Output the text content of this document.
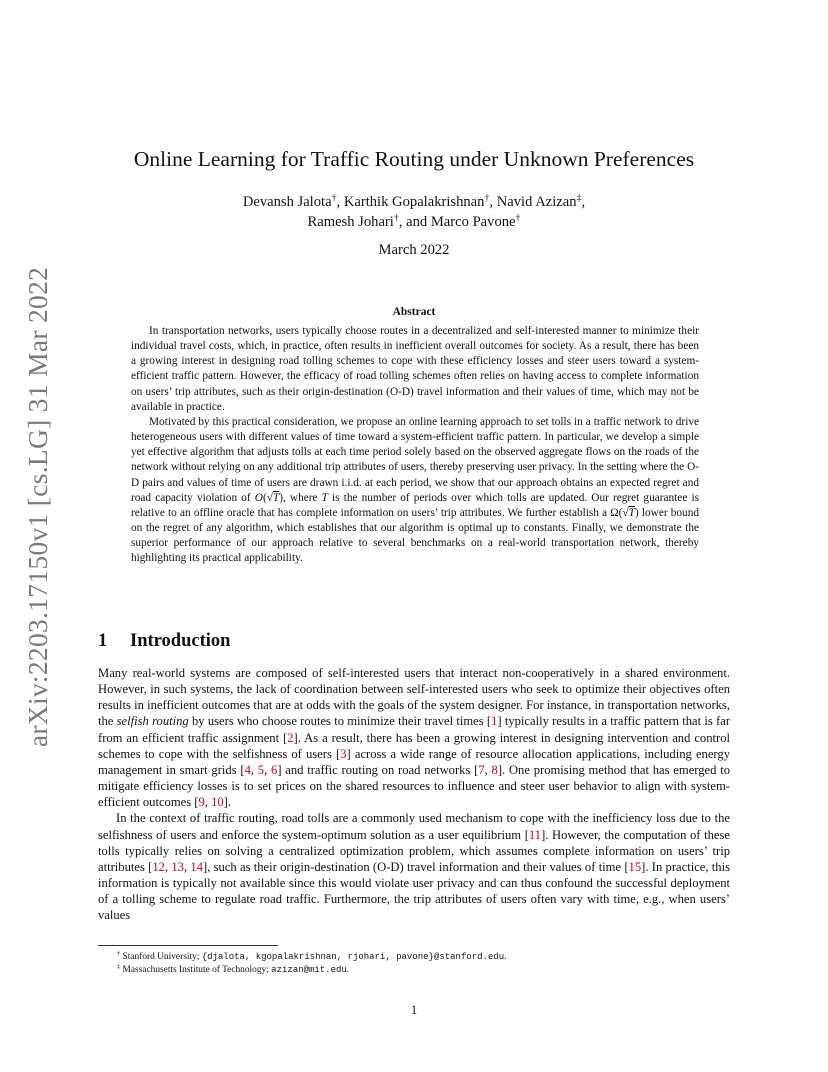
arXiv:2203.17150v1 [cs.LG] 31 Mar 2022
Online Learning for Traffic Routing under Unknown Preferences
Devansh Jalota†, Karthik Gopalakrishnan†, Navid Azizan‡,
Ramesh Johari†, and Marco Pavone†
March 2022
Abstract

In transportation networks, users typically choose routes in a decentralized and self-interested manner to minimize their individual travel costs, which, in practice, often results in inefficient overall outcomes for society. As a result, there has been a growing interest in designing road tolling schemes to cope with these efficiency losses and steer users toward a system-efficient traffic pattern. However, the efficacy of road tolling schemes often relies on having access to complete information on users’ trip attributes, such as their origin-destination (O-D) travel information and their values of time, which may not be available in practice.

Motivated by this practical consideration, we propose an online learning approach to set tolls in a traffic network to drive heterogeneous users with different values of time toward a system-efficient traffic pattern. In particular, we develop a simple yet effective algorithm that adjusts tolls at each time period solely based on the observed aggregate flows on the roads of the network without relying on any additional trip attributes of users, thereby preserving user privacy. In the setting where the O-D pairs and values of time of users are drawn i.i.d. at each period, we show that our approach obtains an expected regret and road capacity violation of O(√T), where T is the number of periods over which tolls are updated. Our regret guarantee is relative to an offline oracle that has complete information on users’ trip attributes. We further establish a Ω(√T) lower bound on the regret of any algorithm, which establishes that our algorithm is optimal up to constants. Finally, we demonstrate the superior performance of our approach relative to several benchmarks on a real-world transportation network, thereby highlighting its practical applicability.

1 Introduction

Many real-world systems are composed of self-interested users that interact non-cooperatively in a shared environment. However, in such systems, the lack of coordination between self-interested users who seek to optimize their objectives often results in inefficient outcomes that are at odds with the goals of the system designer. For instance, in transportation networks, the selfish routing by users who choose routes to minimize their travel times [1] typically results in a traffic pattern that is far from an efficient traffic assignment [2]. As a result, there has been a growing interest in designing intervention and control schemes to cope with the selfishness of users [3] across a wide range of resource allocation applications, including energy management in smart grids [4, 5, 6] and traffic routing on road networks [7, 8]. One promising method that has emerged to mitigate efficiency losses is to set prices on the shared resources to influence and steer user behavior to align with system-efficient outcomes [9, 10].

In the context of traffic routing, road tolls are a commonly used mechanism to cope with the inefficiency loss due to the selfishness of users and enforce the system-optimum solution as a user equilibrium [11]. However, the computation of these tolls typically relies on solving a centralized optimization problem, which assumes complete information on users’ trip attributes [12, 13, 14], such as their origin-destination (O-D) travel information and their values of time [15]. In practice, this information is typically not available since this would violate user privacy and can thus confound the successful deployment of a tolling scheme to regulate road traffic. Furthermore, the trip attributes of users often vary with time, e.g., when users’ values

† Stanford University; {djalota, kgopalakrishnan, rjohari, pavone}@stanford.edu.
‡ Massachusetts Institute of Technology; azizan@mit.edu.
1
